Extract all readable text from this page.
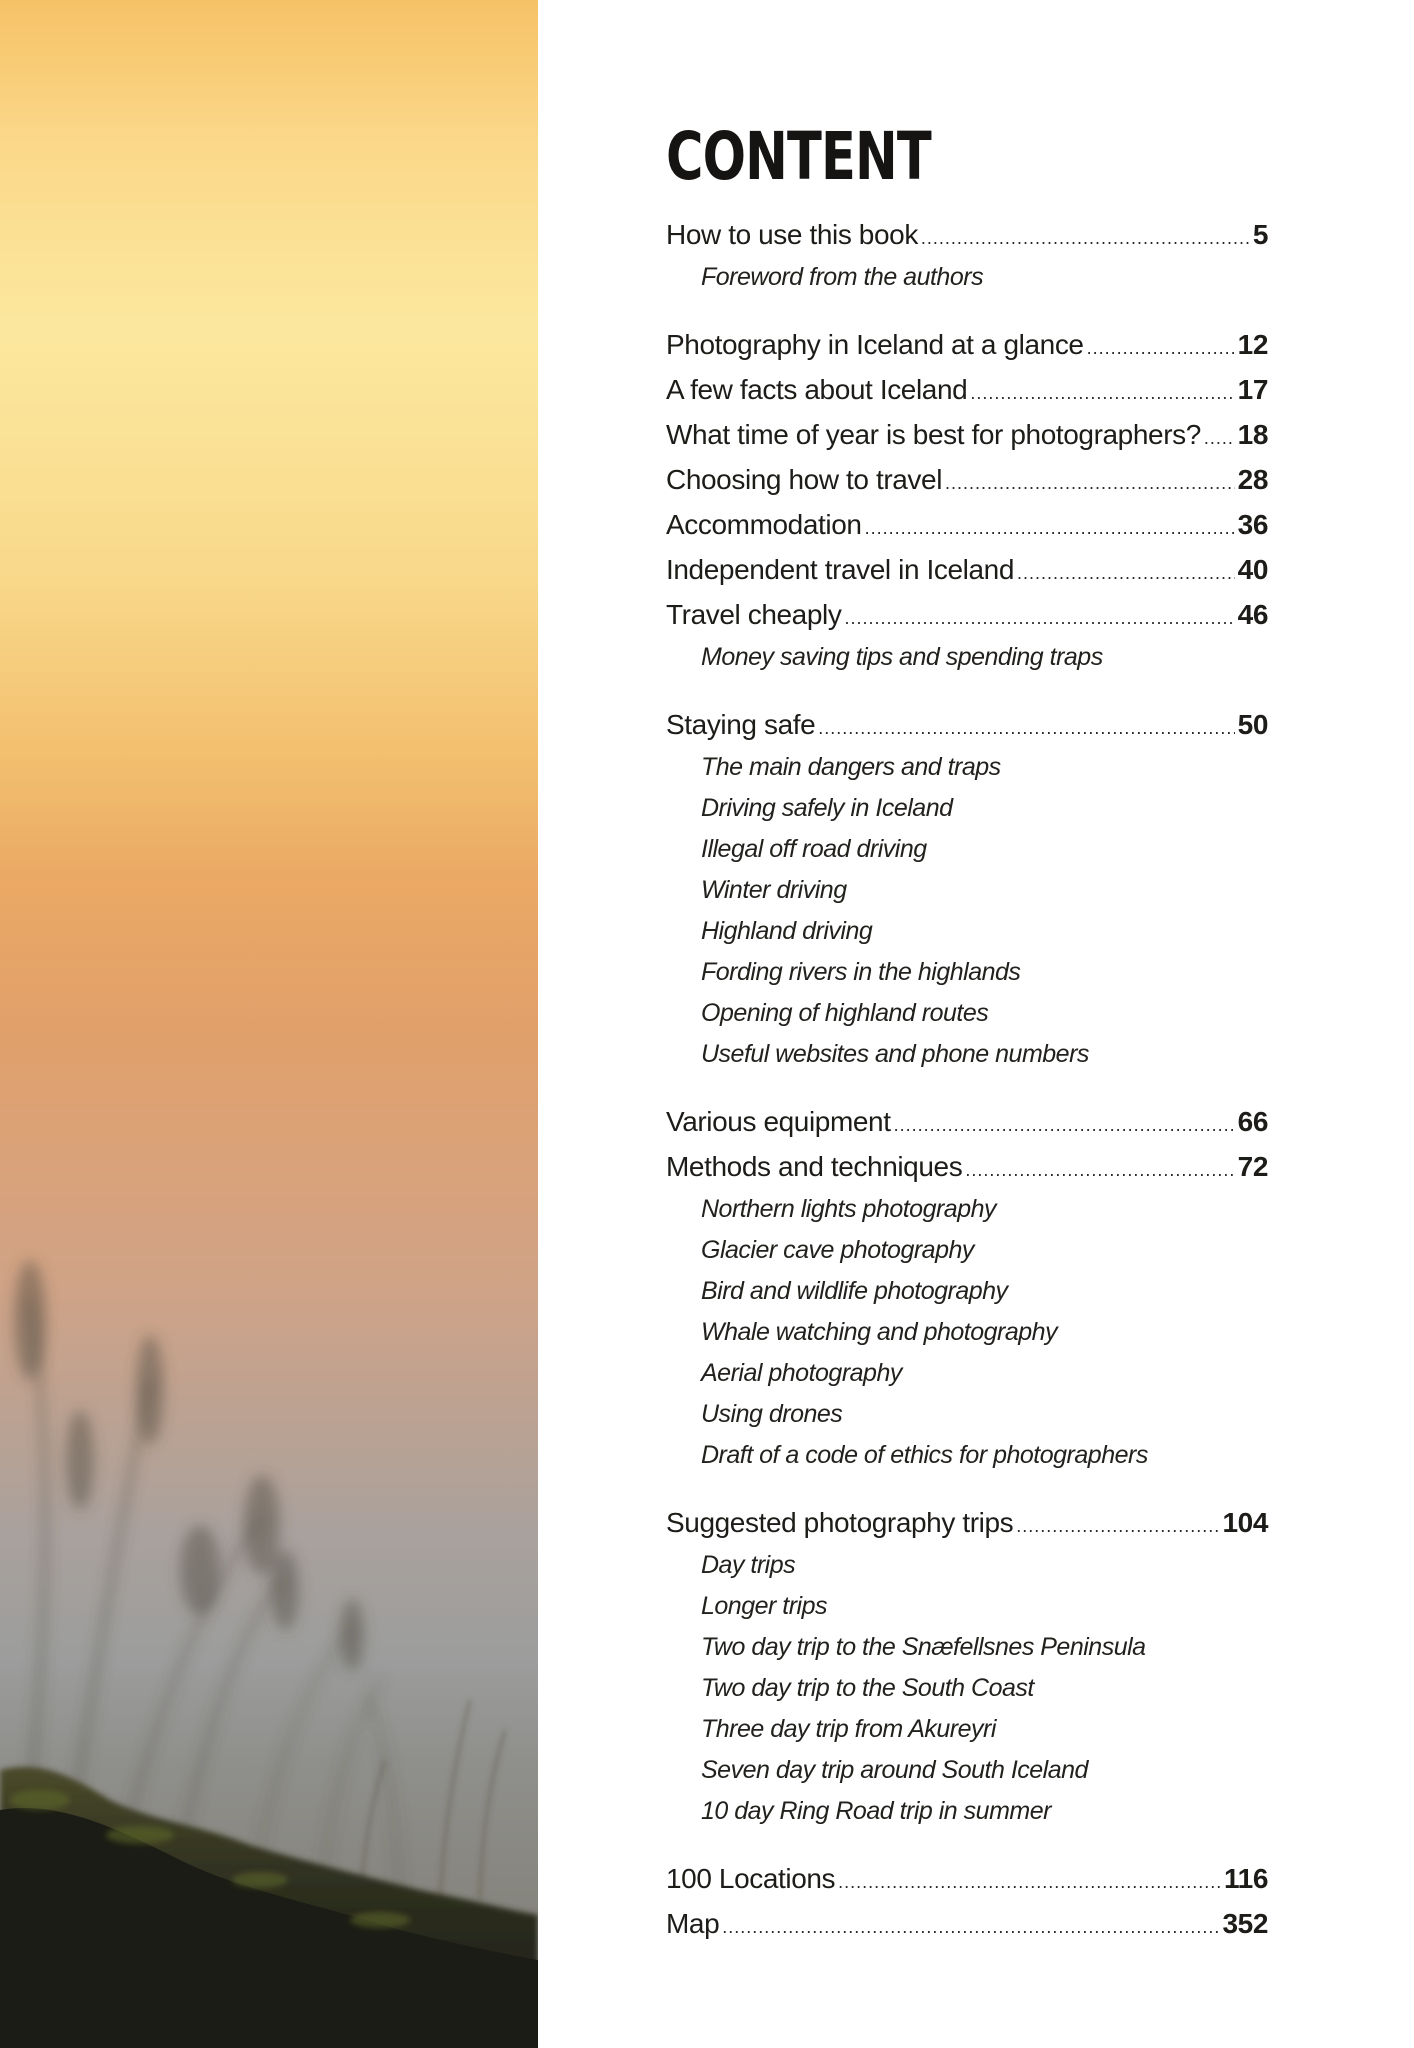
CONTENT
How to use this book .....	5
Foreword from the authors
Photography in Iceland at a glance .....	12
A few facts about Iceland .....	17
What time of year is best for photographers? ..... 18
Choosing how to travel .....	28
Accommodation .....	36
Independent travel in Iceland .....	40
Travel cheaply .....	46
Money saving tips and spending traps
Staying safe .....	50
The main dangers and traps
Driving safely in Iceland
Illegal off road driving
Winter driving
Highland driving
Fording rivers in the highlands
Opening of highland routes
Useful websites and phone numbers
Various equipment .....	66
Methods and techniques .....	72
Northern lights photography
Glacier cave photography
Bird and wildlife photography
Whale watching and photography
Aerial photography
Using drones
Draft of a code of ethics for photographers
Suggested photography trips .....	104
Day trips
Longer trips
Two day trip to the Snæfellsnes Peninsula
Two day trip to the South Coast
Three day trip from Akureyri
Seven day trip around South Iceland
10 day Ring Road trip in summer
100 Locations .....	116
Map .....	352
